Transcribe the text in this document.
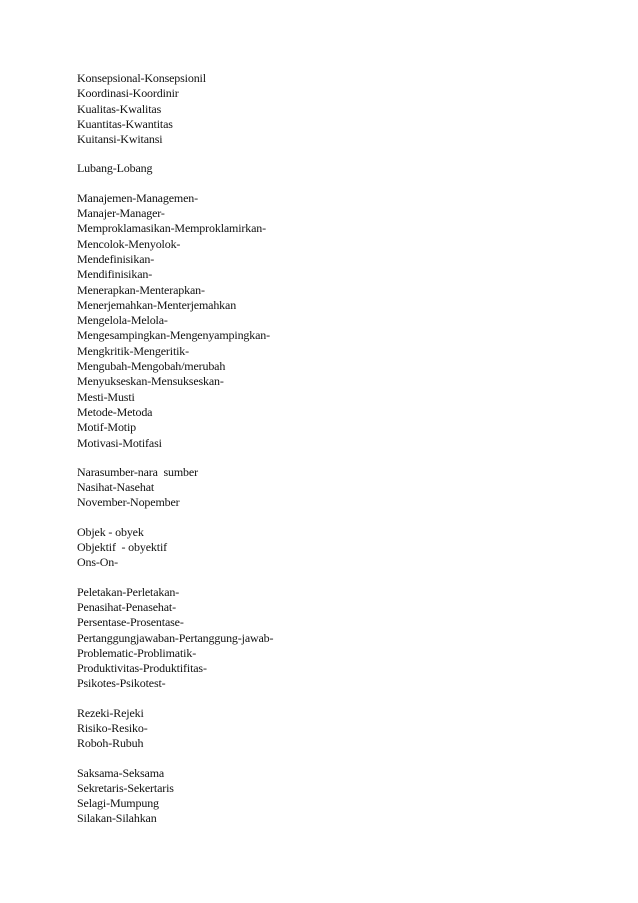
Konsepsional-Konsepsionil
Koordinasi-Koordinir
Kualitas-Kwalitas
Kuantitas-Kwantitas
Kuitansi-Kwitansi
Lubang-Lobang
Manajemen-Managemen-
Manajer-Manager-
Memproklamasikan-Memproklamirkan-
Mencolok-Menyolok-
Mendefinisikan-
Mendifinisikan-
Menerapkan-Menterapkan-
Menerjemahkan-Menterjemahkan
Mengelola-Melola-
Mengesampingkan-Mengenyampingkan-
Mengkritik-Mengeritik-
Mengubah-Mengobah/merubah
Menyukseskan-Mensukseskan-
Mesti-Musti
Metode-Metoda
Motif-Motip
Motivasi-Motifasi
Narasumber-nara  sumber
Nasihat-Nasehat
November-Nopember
Objek - obyek
Objektif  - obyektif
Ons-On-
Peletakan-Perletakan-
Penasihat-Penasehat-
Persentase-Prosentase-
Pertanggungjawaban-Pertanggung-jawab-
Problematic-Problimatik-
Produktivitas-Produktifitas-
Psikotes-Psikotest-
Rezeki-Rejeki
Risiko-Resiko-
Roboh-Rubuh
Saksama-Seksama
Sekretaris-Sekertaris
Selagi-Mumpung
Silakan-Silahkan
